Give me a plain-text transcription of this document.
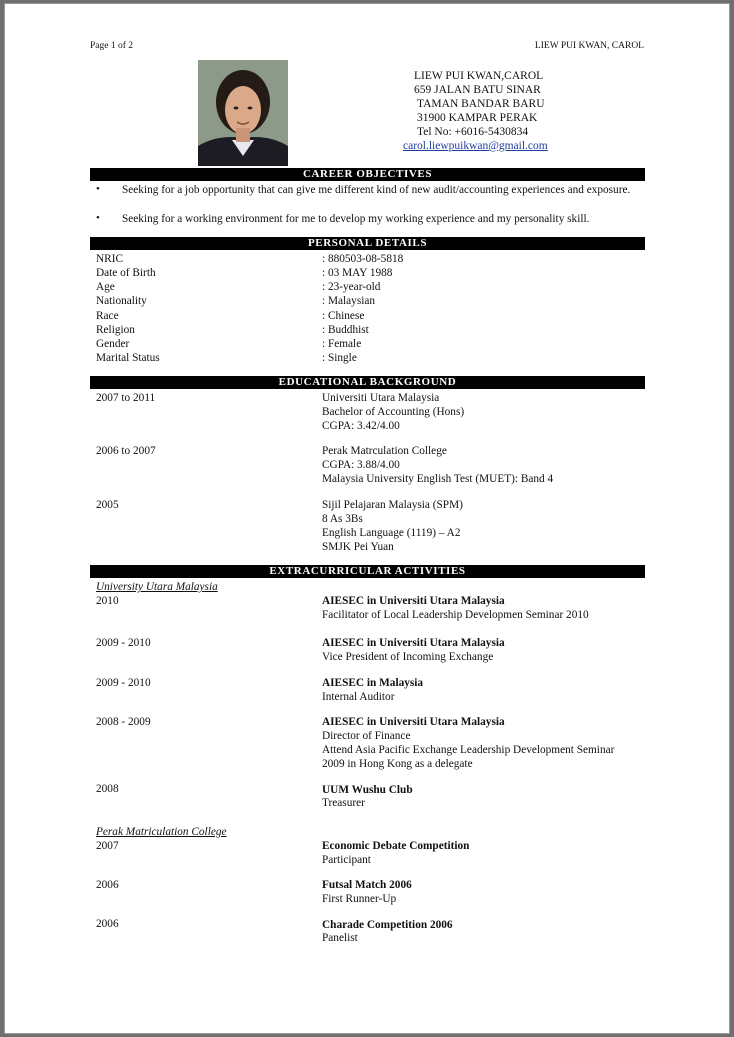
Page 1 of 2	LIEW PUI KWAN, CAROL
LIEW PUI KWAN,CAROL
659 JALAN BATU SINAR
TAMAN BANDAR BARU
31900 KAMPAR PERAK
Tel No: +6016-5430834
carol.liewpuikwan@gmail.com
CAREER OBJECTIVES
• Seeking for a job opportunity that can give me different kind of new audit/accounting experiences and exposure.
• Seeking for a working environment for me to develop my working experience and my personality skill.
PERSONAL DETAILS
NRIC	: 880503-08-5818
Date of Birth	: 03 MAY 1988
Age	: 23-year-old
Nationality	: Malaysian
Race	: Chinese
Religion	: Buddhist
Gender	: Female
Marital Status	: Single
EDUCATIONAL BACKGROUND
2007 to 2011	Universiti Utara Malaysia
Bachelor of Accounting (Hons)
CGPA: 3.42/4.00
2006 to 2007	Perak Matrculation College
CGPA: 3.88/4.00
Malaysia University English Test (MUET): Band 4
2005	Sijil Pelajaran Malaysia (SPM)
8 As 3Bs
English Language (1119) – A2
SMJK Pei Yuan
EXTRACURRICULAR ACTIVITIES
University Utara Malaysia
2010	AIESEC in Universiti Utara Malaysia
Facilitator of Local Leadership Developmen Seminar 2010
2009 - 2010	AIESEC in Universiti Utara Malaysia
Vice President of Incoming Exchange
2009 - 2010	AIESEC in Malaysia
Internal Auditor
2008 - 2009	AIESEC in Universiti Utara Malaysia
Director of Finance
Attend Asia Pacific Exchange Leadership Development Seminar
2009 in Hong Kong as a delegate
2008	UUM Wushu Club
Treasurer
Perak Matriculation College
2007	Economic Debate Competition
Participant
2006	Futsal Match 2006
First Runner-Up
2006	Charade Competition 2006
Panelist
